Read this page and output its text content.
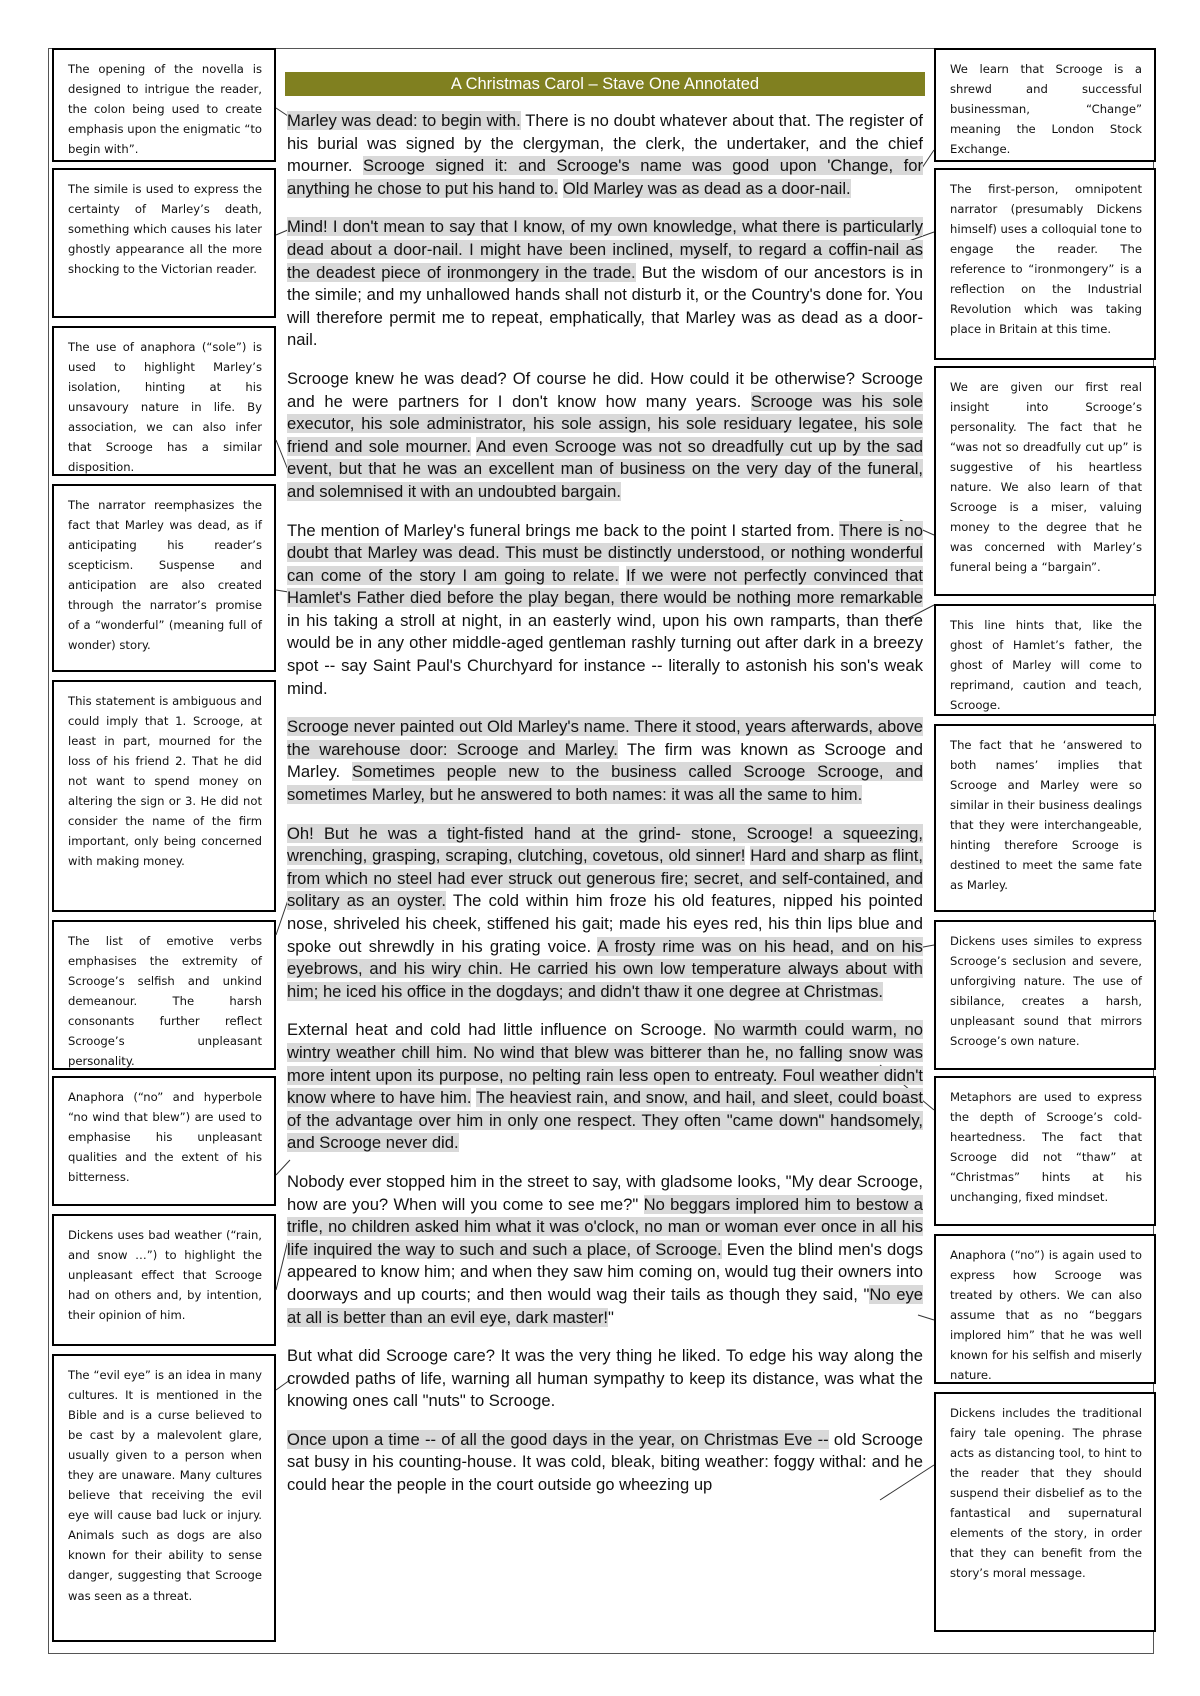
A Christmas Carol – Stave One Annotated
The opening of the novella is designed to intrigue the reader, the colon being used to create emphasis upon the enigmatic “to begin with”.
The simile is used to express the certainty of Marley’s death, something which causes his later ghostly appearance all the more shocking to the Victorian reader.
The use of anaphora (“sole”) is used to highlight Marley’s isolation, hinting at his unsavoury nature in life. By association, we can also infer that Scrooge has a similar disposition.
The narrator reemphasizes the fact that Marley was dead, as if anticipating his reader’s scepticism. Suspense and anticipation are also created through the narrator’s promise of a “wonderful” (meaning full of wonder) story.
This statement is ambiguous and could imply that 1. Scrooge, at least in part, mourned for the loss of his friend 2. That he did not want to spend money on altering the sign or 3. He did not consider the name of the firm important, only being concerned with making money.
The list of emotive verbs emphasises the extremity of Scrooge’s selfish and unkind demeanour. The harsh consonants further reflect Scrooge’s unpleasant personality.
Anaphora (“no” and hyperbole “no wind that blew”) are used to emphasise his unpleasant qualities and the extent of his bitterness.
Dickens uses bad weather (“rain, and snow …”) to highlight the unpleasant effect that Scrooge had on others and, by intention, their opinion of him.
The “evil eye” is an idea in many cultures. It is mentioned in the Bible and is a curse believed to be cast by a malevolent glare, usually given to a person when they are unaware. Many cultures believe that receiving the evil eye will cause bad luck or injury. Animals such as dogs are also known for their ability to sense danger, suggesting that Scrooge was seen as a threat.
We learn that Scrooge is a shrewd and successful businessman, “Change” meaning the London Stock Exchange.
The first-person, omnipotent narrator (presumably Dickens himself) uses a colloquial tone to engage the reader. The reference to “ironmongery” is a reflection on the Industrial Revolution which was taking place in Britain at this time.
We are given our first real insight into Scrooge’s personality. The fact that he “was not so dreadfully cut up” is suggestive of his heartless nature. We also learn of that Scrooge is a miser, valuing money to the degree that he was concerned with Marley’s funeral being a “bargain”.
This line hints that, like the ghost of Hamlet’s father, the ghost of Marley will come to reprimand, caution and teach, Scrooge.
The fact that he ‘answered to both names’ implies that Scrooge and Marley were so similar in their business dealings that they were interchangeable, hinting therefore Scrooge is destined to meet the same fate as Marley.
Dickens uses similes to express Scrooge’s seclusion and severe, unforgiving nature. The use of sibilance, creates a harsh, unpleasant sound that mirrors Scrooge’s own nature.
Metaphors are used to express the depth of Scrooge’s cold-heartedness. The fact that Scrooge did not “thaw” at “Christmas” hints at his unchanging, fixed mindset.
Anaphora (“no”) is again used to express how Scrooge was treated by others. We can also assume that as no “beggars implored him” that he was well known for his selfish and miserly nature.
Dickens includes the traditional fairy tale opening. The phrase acts as distancing tool, to hint to the reader that they should suspend their disbelief as to the fantastical and supernatural elements of the story, in order that they can benefit from the story’s moral message.

Marley was dead: to begin with. There is no doubt whatever about that. The register of his burial was signed by the clergyman, the clerk, the undertaker, and the chief mourner. Scrooge signed it: and Scrooge's name was good upon 'Change, for anything he chose to put his hand to. Old Marley was as dead as a door-nail.

Mind! I don't mean to say that I know, of my own knowledge, what there is particularly dead about a door-nail. I might have been inclined, myself, to regard a coffin-nail as the deadest piece of ironmongery in the trade. But the wisdom of our ancestors is in the simile; and my unhallowed hands shall not disturb it, or the Country's done for. You will therefore permit me to repeat, emphatically, that Marley was as dead as a door-nail.

Scrooge knew he was dead? Of course he did. How could it be otherwise? Scrooge and he were partners for I don't know how many years. Scrooge was his sole executor, his sole administrator, his sole assign, his sole residuary legatee, his sole friend and sole mourner. And even Scrooge was not so dreadfully cut up by the sad event, but that he was an excellent man of business on the very day of the funeral, and solemnised it with an undoubted bargain.

The mention of Marley's funeral brings me back to the point I started from. There is no doubt that Marley was dead. This must be distinctly understood, or nothing wonderful can come of the story I am going to relate. If we were not perfectly convinced that Hamlet's Father died before the play began, there would be nothing more remarkable in his taking a stroll at night, in an easterly wind, upon his own ramparts, than there would be in any other middle-aged gentleman rashly turning out after dark in a breezy spot -- say Saint Paul's Churchyard for instance -- literally to astonish his son's weak mind.

Scrooge never painted out Old Marley's name. There it stood, years afterwards, above the warehouse door: Scrooge and Marley. The firm was known as Scrooge and Marley. Sometimes people new to the business called Scrooge Scrooge, and sometimes Marley, but he answered to both names: it was all the same to him.

Oh! But he was a tight-fisted hand at the grind- stone, Scrooge! a squeezing, wrenching, grasping, scraping, clutching, covetous, old sinner! Hard and sharp as flint, from which no steel had ever struck out generous fire; secret, and self-contained, and solitary as an oyster. The cold within him froze his old features, nipped his pointed nose, shriveled his cheek, stiffened his gait; made his eyes red, his thin lips blue and spoke out shrewdly in his grating voice. A frosty rime was on his head, and on his eyebrows, and his wiry chin. He carried his own low temperature always about with him; he iced his office in the dogdays; and didn't thaw it one degree at Christmas.

External heat and cold had little influence on Scrooge. No warmth could warm, no wintry weather chill him. No wind that blew was bitterer than he, no falling snow was more intent upon its purpose, no pelting rain less open to entreaty. Foul weather didn't know where to have him. The heaviest rain, and snow, and hail, and sleet, could boast of the advantage over him in only one respect. They often "came down" handsomely, and Scrooge never did.

Nobody ever stopped him in the street to say, with gladsome looks, "My dear Scrooge, how are you? When will you come to see me?" No beggars implored him to bestow a trifle, no children asked him what it was o'clock, no man or woman ever once in all his life inquired the way to such and such a place, of Scrooge. Even the blind men's dogs appeared to know him; and when they saw him coming on, would tug their owners into doorways and up courts; and then would wag their tails as though they said, "No eye at all is better than an evil eye, dark master!"

But what did Scrooge care? It was the very thing he liked. To edge his way along the crowded paths of life, warning all human sympathy to keep its distance, was what the knowing ones call "nuts" to Scrooge.

Once upon a time -- of all the good days in the year, on Christmas Eve -- old Scrooge sat busy in his counting-house. It was cold, bleak, biting weather: foggy withal: and he could hear the people in the court outside go wheezing up
